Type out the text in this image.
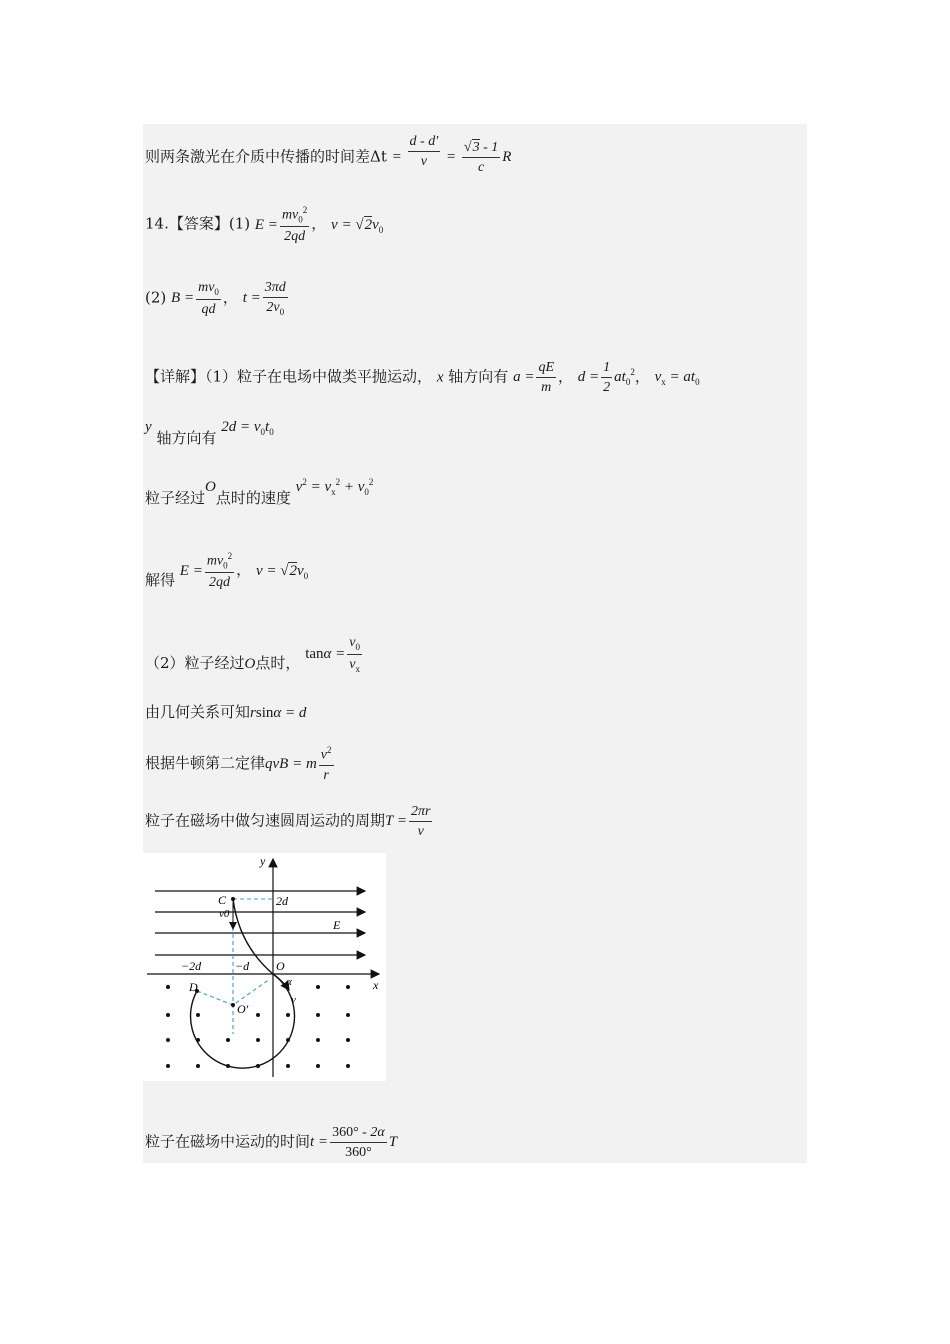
则两条激光在介质中传播的时间差$\Delta t = \frac{d - d'}{v} = \frac{√3 - 1}{c}$ R
14.【答案】(1) $E = \frac{mv_0^2}{2qd}$ ， $v = √2v_0$
(2) $B = \frac{mv_0}{qd}$ ， $t = \frac{3\pi d}{2v_0}$
【详解】（1）粒子在电场中做类平抛运动， x 轴方向有 $a = \frac{qE}{m}$ ， $d = \frac{1}{2} at_0^2$， $v_x = at_0$
y 轴方向有 $2d = v_0t_0$
粒子经过O点时的速度 $v^2 = v_x^2 + v_0^2$
解得 $E = \frac{mv_0^2}{2qd}$ ， $v = √2v_0$
（2）粒子经过O点时， $\tan\alpha = \frac{v_0}{v_x}$
由几何关系可知rsinα = d
根据牛顿第二定律qvB = m $\frac{v^2}{r}$
粒子在磁场中做匀速圆周运动的周期$T = \frac{2\pi r}{v}$
y
x
C	2d
v0
E
−2d	−d O
α
D
O′
v
粒子在磁场中运动的时间$t = \frac{360^\circ - 2\alpha}{360^\circ}$ T
